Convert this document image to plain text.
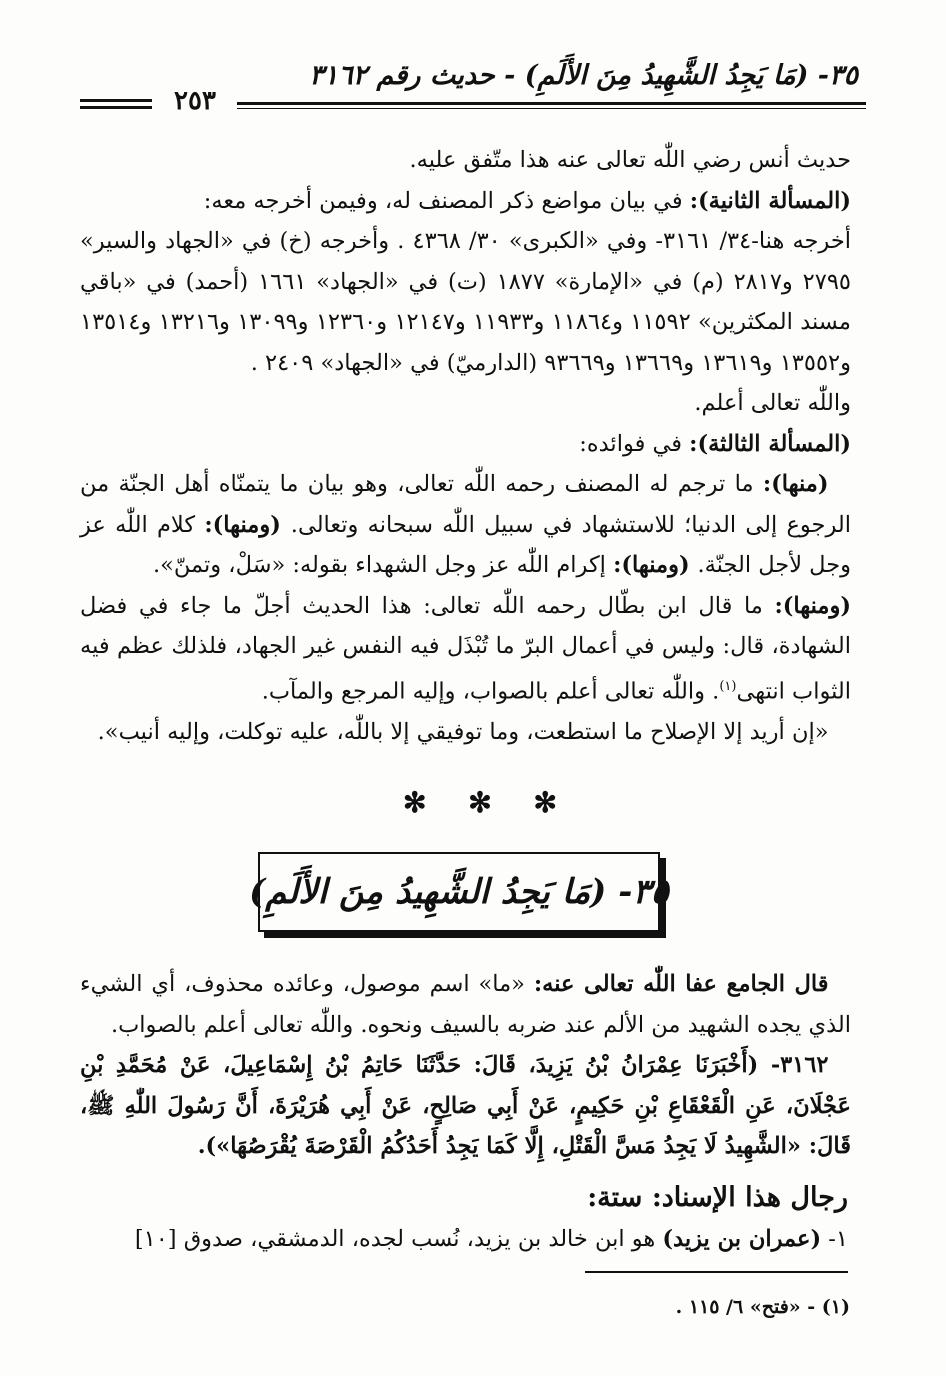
٣٥- (مَا يَجِدُ الشَّهِيدُ مِنَ الأَلَمِ) - حديث رقم ٣١٦٢
٢٥٣

حديث أنس رضي اللّٰه تعالى عنه هذا متّفق عليه.

(المسألة الثانية): في بيان مواضع ذكر المصنف له، وفيمن أخرجه معه:

أخرجه هنا-٣٤/ ٣١٦١- وفي «الكبرى» ٣٠/ ٤٣٦٨ . وأخرجه (خ) في «الجهاد والسير» ٢٧٩٥ و٢٨١٧ (م) في «الإمارة» ١٨٧٧ (ت) في «الجهاد» ١٦٦١ (أحمد) في «باقي مسند المكثرين» ١١٥٩٢ و١١٨٦٤ و١١٩٣٣ و١٢١٤٧ و١٢٣٦٠ و١٣٠٩٩ و١٣٢١٦ و١٣٥١٤ و١٣٥٥٢ و١٣٦١٩ و١٣٦٦٩ و٩٣٦٦٩ (الدارميّ) في «الجهاد» ٢٤٠٩ .

واللّٰه تعالى أعلم.

(المسألة الثالثة): في فوائده:

 (منها): ما ترجم له المصنف رحمه اللّٰه تعالى، وهو بيان ما يتمنّاه أهل الجنّة من الرجوع إلى الدنيا؛ للاستشهاد في سبيل اللّٰه سبحانه وتعالى. (ومنها): كلام اللّٰه عز وجل لأجل الجنّة. (ومنها): إكرام اللّٰه عز وجل الشهداء بقوله: «سَلْ، وتمنّ».

(ومنها): ما قال ابن بطّال رحمه اللّٰه تعالى: هذا الحديث أجلّ ما جاء في فضل الشهادة، قال: وليس في أعمال البرّ ما تُبْذَل فيه النفس غير الجهاد، فلذلك عظم فيه الثواب انتهى$^{(١)}$. واللّٰه تعالى أعلم بالصواب، وإليه المرجع والمآب.

 «إن أريد إلا الإصلاح ما استطعت، وما توفيقي إلا باللّٰه، عليه توكلت، وإليه أنيب».

✻ ✻ ✻
٣٥- (مَا يَجِدُ الشَّهِيدُ مِنَ الأَلَمِ)

 قال الجامع عفا اللّٰه تعالى عنه: «ما» اسم موصول، وعائده محذوف، أي الشيء الذي يجده الشهيد من الألم عند ضربه بالسيف ونحوه. واللّٰه تعالى أعلم بالصواب.

 ٣١٦٢- (أَخْبَرَنَا عِمْرَانُ بْنُ يَزِيدَ، قَالَ: حَدَّثَنَا حَاتِمُ بْنُ إِسْمَاعِيلَ، عَنْ مُحَمَّدِ بْنِ عَجْلَانَ، عَنِ الْقَعْقَاعِ بْنِ حَكِيمٍ، عَنْ أَبِي صَالِحٍ، عَنْ أَبِي هُرَيْرَةَ، أَنَّ رَسُولَ اللّٰهِ ﷺ، قَالَ: «الشَّهِيدُ لَا يَجِدُ مَسَّ الْقَتْلِ، إِلَّا كَمَا يَجِدُ أَحَدُكُمُ الْقَرْصَةَ يُقْرَصُهَا»).

رجال هذا الإسناد: ستة:
١- (عمران بن يزيد) هو ابن خالد بن يزيد، نُسب لجده، الدمشقي، صدوق [١٠]
(١) - «فتح» ٦/ ١١٥ .
